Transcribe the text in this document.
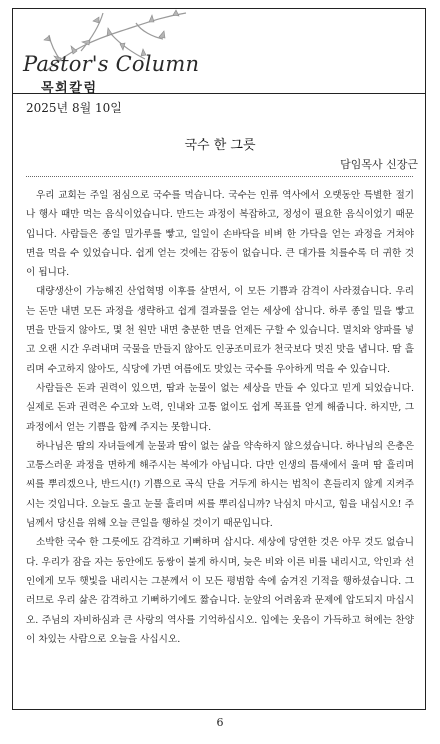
Pastor's Column
목회칼럼
2025년 8월 10일
국수 한 그릇
담임목사 신장근

우리 교회는 주일 점심으로 국수를 먹습니다. 국수는 인류 역사에서 오랫동안 특별한 절기나 행사 때만 먹는 음식이었습니다. 만드는 과정이 복잡하고, 정성이 필요한 음식이었기 때문입니다. 사람들은 종일 밀가루를 빻고, 일일이 손바닥을 비벼 한 가닥을 얻는 과정을 거쳐야 면을 먹을 수 있었습니다. 쉽게 얻는 것에는 감동이 없습니다. 큰 대가를 치를수록 더 귀한 것이 됩니다.

대량생산이 가능해진 산업혁명 이후를 살면서, 이 모든 기쁨과 감격이 사라졌습니다. 우리는 돈만 내면 모든 과정을 생략하고 쉽게 결과물을 얻는 세상에 삽니다. 하루 종일 밀을 빻고 면을 만들지 않아도, 몇 천 원만 내면 충분한 면을 언제든 구할 수 있습니다. 멸치와 양파를 넣고 오랜 시간 우려내며 국물을 만들지 않아도 인공조미료가 천국보다 멋진 맛을 냅니다. 땀 흘리며 수고하지 않아도, 식당에 가면 여름에도 맛있는 국수를 우아하게 먹을 수 있습니다.

사람들은 돈과 권력이 있으면, 땀과 눈물이 없는 세상을 만들 수 있다고 믿게 되었습니다. 실제로 돈과 권력은 수고와 노력, 인내와 고통 없이도 쉽게 목표를 얻게 해줍니다. 하지만, 그 과정에서 얻는 기쁨을 함께 주지는 못합니다.

하나님은 땀의 자녀들에게 눈물과 땀이 없는 삶을 약속하지 않으셨습니다. 하나님의 은총은 고통스러운 과정을 면하게 해주시는 복에가 아닙니다. 다만 인생의 틈새에서 울며 땀 흘리며 씨를 뿌리겠으나, 반드시(!) 기쁨으로 곡식 단을 거두게 하시는 법칙이 흔들리지 않게 지켜주시는 것입니다. 오늘도 울고 눈물 흘리며 씨를 뿌리십니까? 낙심치 마시고, 힘을 내십시오! 주님께서 당신을 위해 오늘 큰일을 행하실 것이기 때문입니다.

소박한 국수 한 그릇에도 감격하고 기뻐하며 삽시다. 세상에 당연한 것은 아무 것도 없습니다. 우리가 잠을 자는 동안에도 동쌍이 불게 하시며, 늦은 비와 이른 비를 내리시고, 악인과 선인에게 모두 햇빛을 내리시는 그분께서 이 모든 평범함 속에 숨겨진 기적을 행하셨습니다. 그러므로 우리 삶은 감격하고 기뻐하기에도 짧습니다. 눈앞의 어려움과 문제에 압도되지 마십시오. 주님의 자비하심과 큰 사랑의 역사를 기억하십시오. 입에는 웃음이 가득하고 혀에는 찬양이 차있는 사람으로 오늘을 사십시오.

6
